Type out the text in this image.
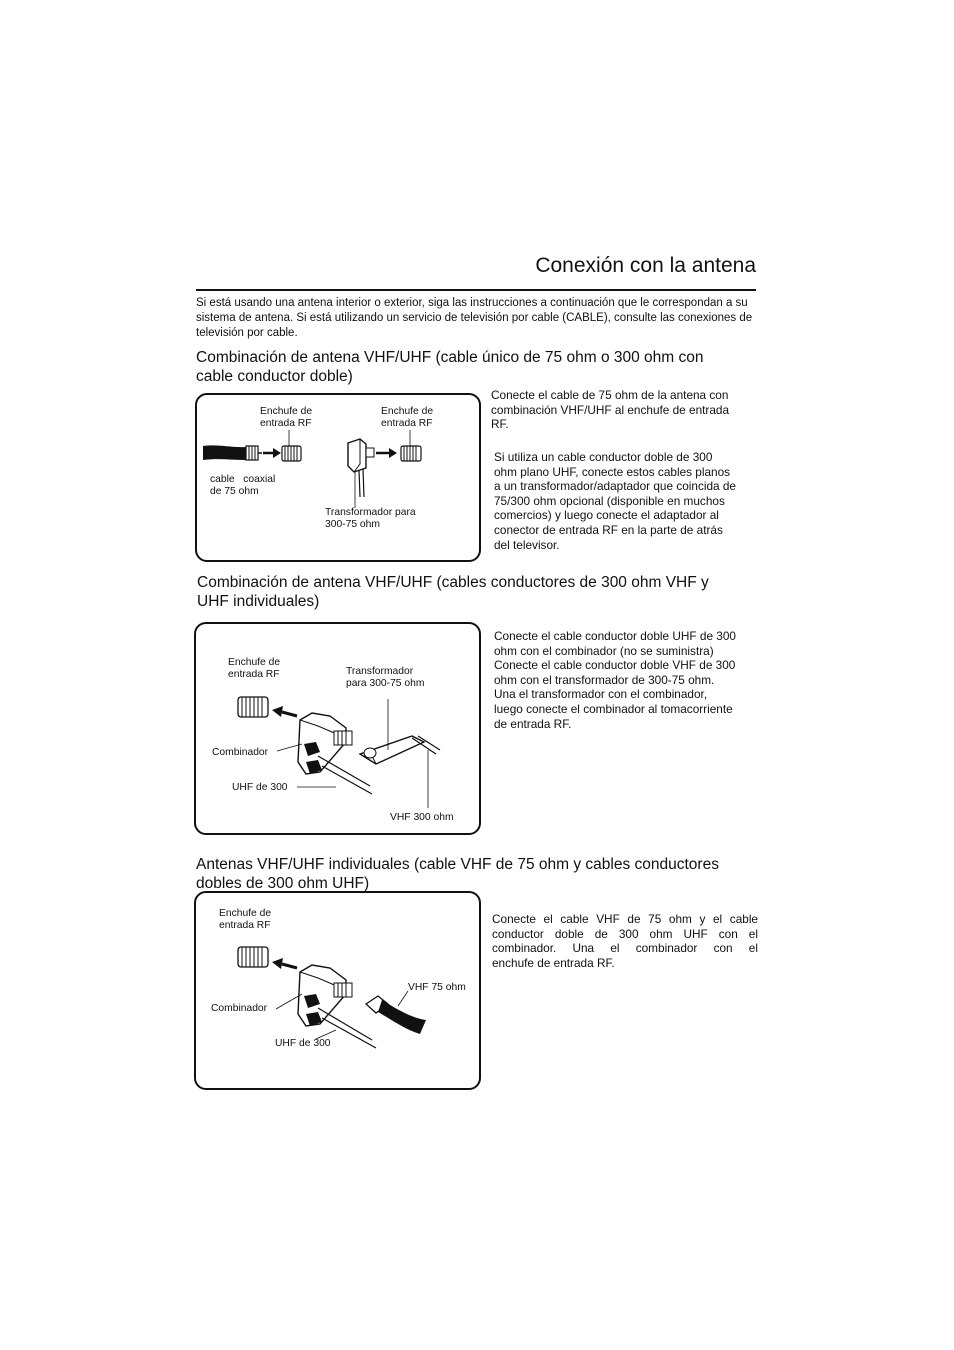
Conexión con la antena
Si está usando una antena interior o exterior, siga las instrucciones a continuación que le correspondan a su sistema de antena. Si está utilizando un servicio de televisión por cable (CABLE), consulte las conexiones de televisión por cable.
Combinación de antena VHF/UHF (cable único de 75 ohm o 300 ohm con
cable conductor doble)
Enchufe de
entrada RF
Enchufe de
entrada RF
cable   coaxial
de 75 ohm
Transformador para
300-75 ohm
Conecte el cable de 75 ohm de la antena con
combinación VHF/UHF al enchufe de entrada
RF.
Si utiliza un cable conductor doble de 300
ohm plano UHF, conecte estos cables planos
a un transformador/adaptador que coincida de
75/300 ohm opcional (disponible en muchos
comercios) y luego conecte el adaptador al
conector de entrada RF en la parte de atrás
del televisor.
Combinación de antena VHF/UHF (cables conductores de 300 ohm VHF y
UHF individuales)
Enchufe de
entrada RF	Transformador
para 300-75 ohm
Combinador
UHF de 300
VHF 300 ohm
Conecte el cable conductor doble UHF de 300
ohm con el combinador (no se suministra)
Conecte el cable conductor doble VHF de 300
ohm con el transformador de 300-75 ohm.
Una el transformador con el combinador,
luego conecte el combinador al tomacorriente
de entrada RF.
Antenas VHF/UHF individuales (cable VHF de 75 ohm y cables conductores
dobles de 300 ohm UHF)
Enchufe de
entrada RF
VHF 75 ohm
Combinador
UHF de 300
Conecte el cable VHF de 75 ohm y el cable
conductor doble de 300 ohm UHF con el
combinador. Una el combinador con el
enchufe de entrada RF.
